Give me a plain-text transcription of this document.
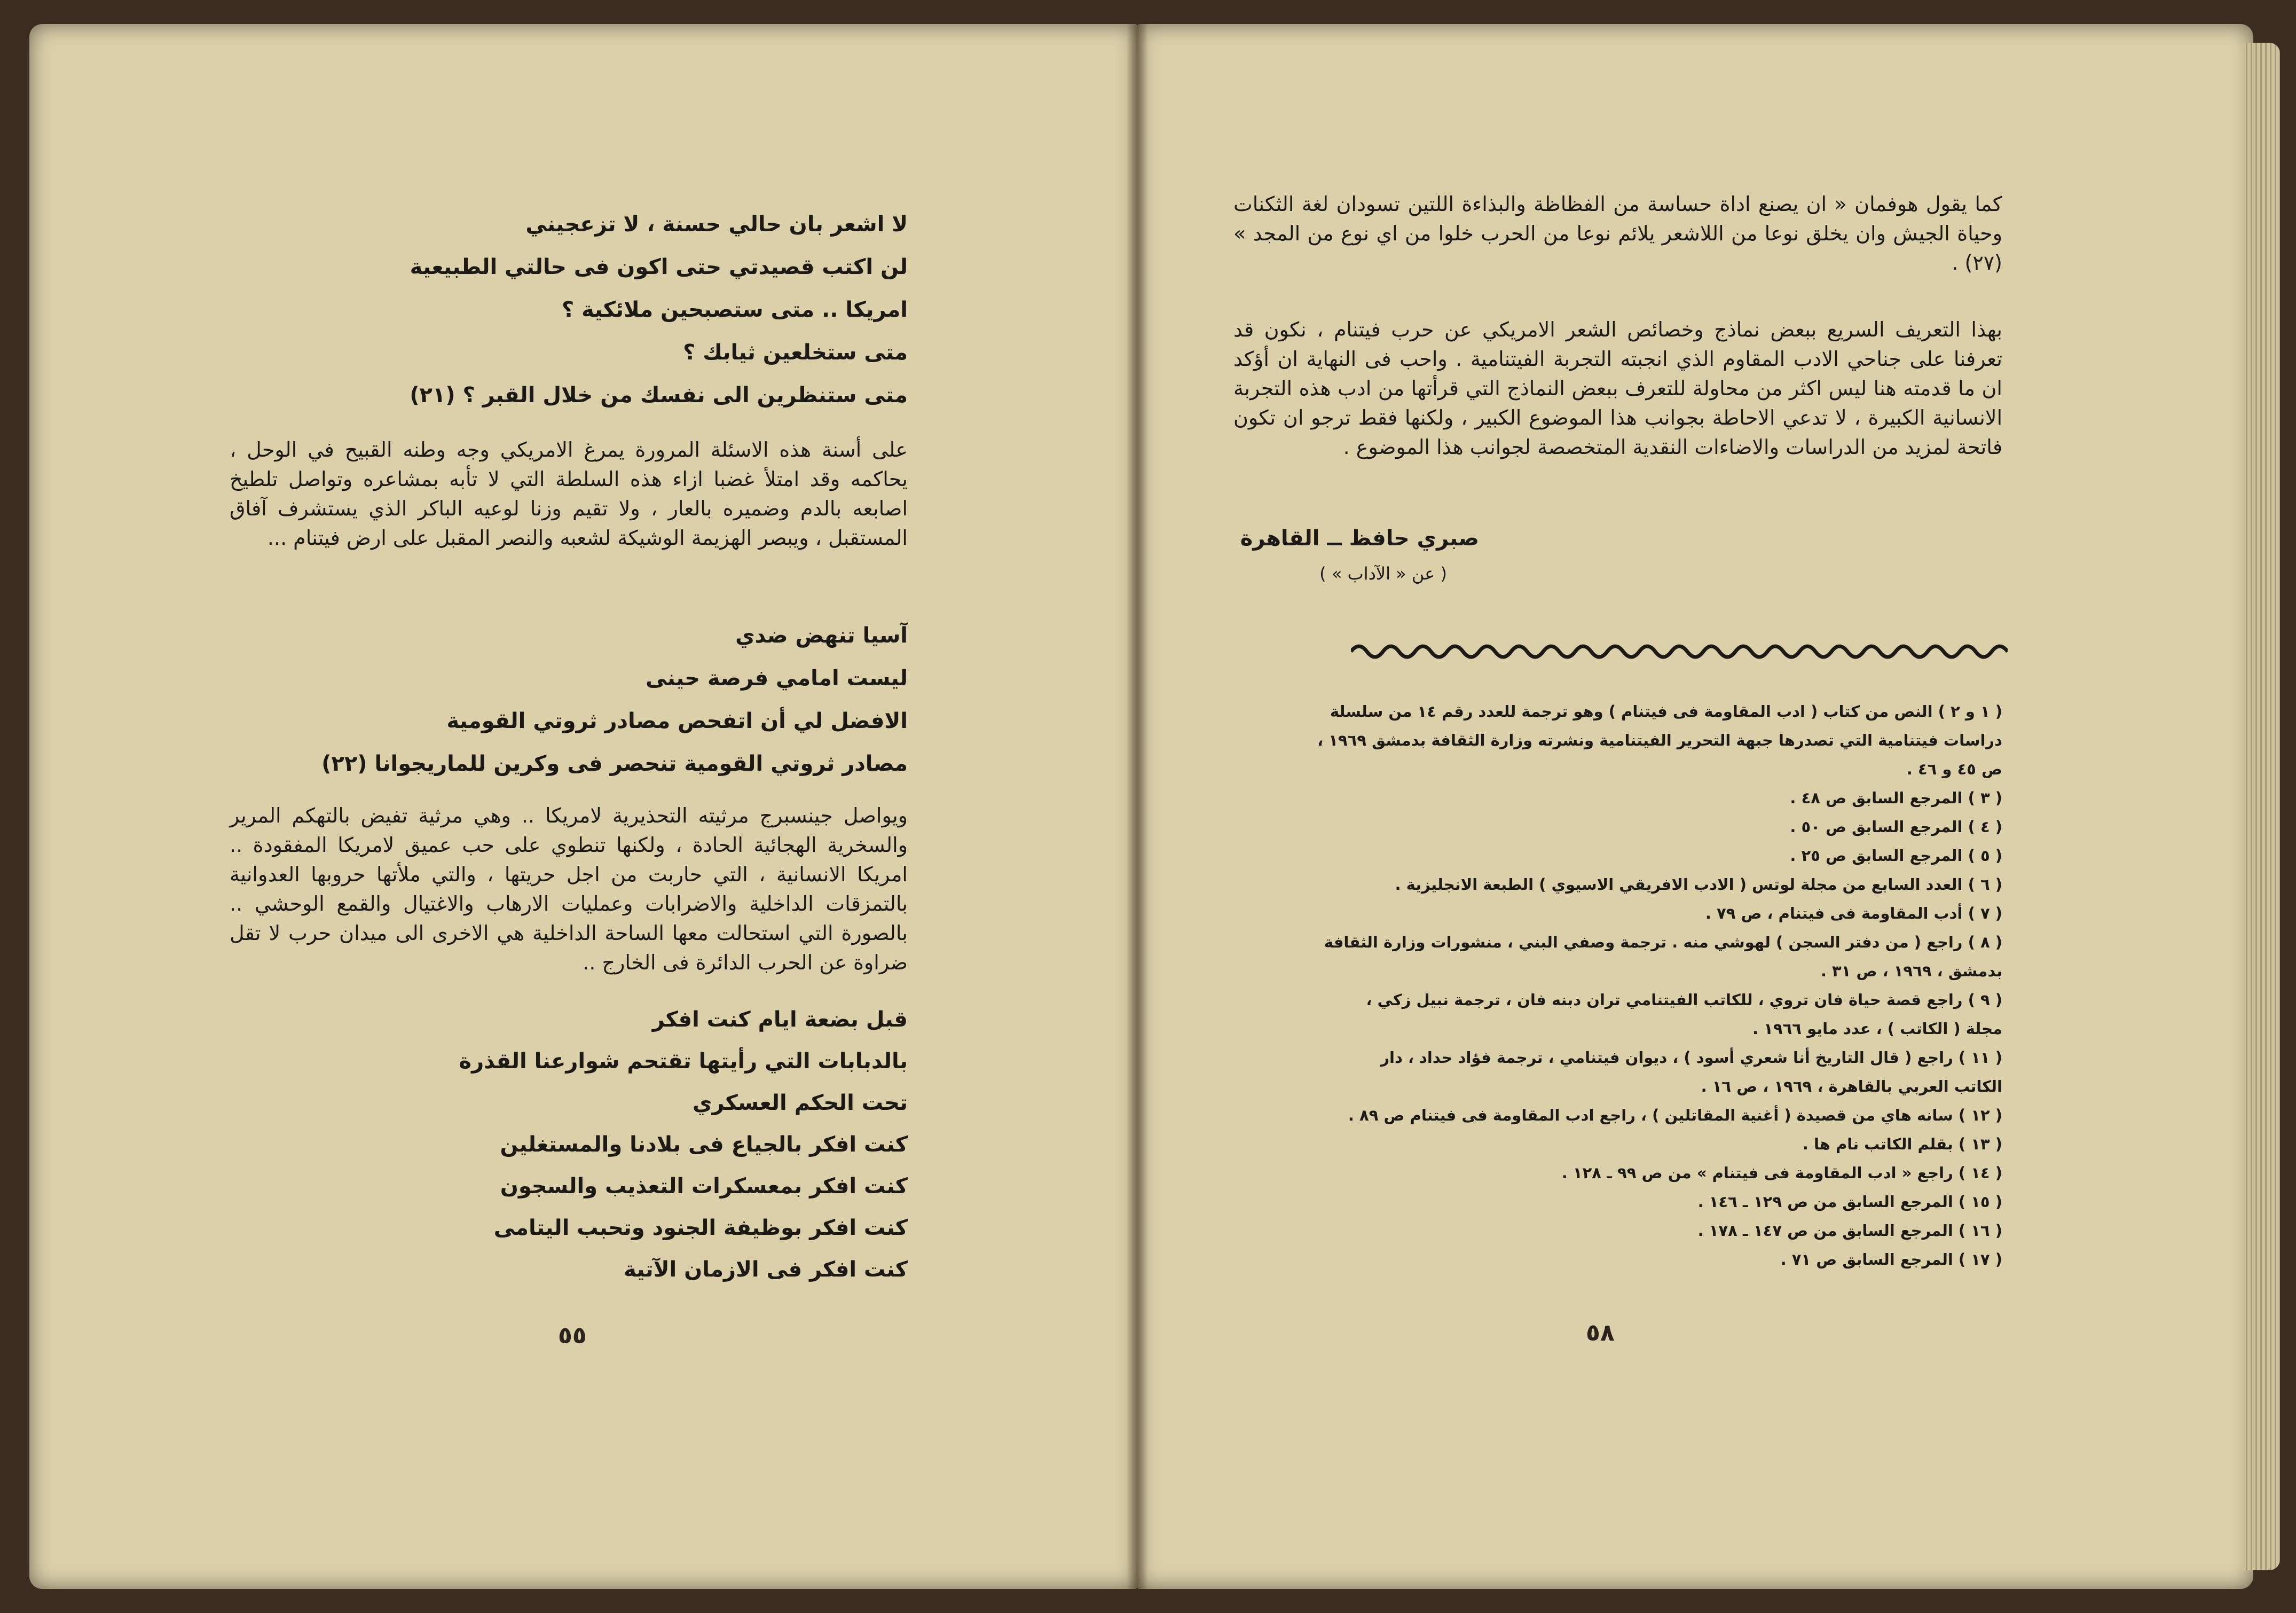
لا اشعر بان حالي حسنة ، لا تزعجيني
لن اكتب قصيدتي حتى اكون فى حالتي الطبيعية
امريكا .. متى ستصبحين ملائكية ؟
متى ستخلعين ثيابك ؟
متى ستنظرين الى نفسك من خلال القبر ؟ (٢١)
على أسنة هذه الاسئلة المرورة يمرغ الامريكي وجه وطنه القبيح في الوحل ، يحاكمه وقد امتلأ غضبا ازاء هذه السلطة التي لا تأبه بمشاعره وتواصل تلطيخ اصابعه بالدم وضميره بالعار ، ولا تقيم وزنا لوعيه الباكر الذي يستشرف آفاق المستقبل ، ويبصر الهزيمة الوشيكة لشعبه والنصر المقبل على ارض فيتنام ...
آسيا تنهض ضدي
ليست امامي فرصة حينى
الافضل لي أن اتفحص مصادر ثروتي القومية
مصادر ثروتي القومية تنحصر فى وكرين للماريجوانا (٢٢)
ويواصل جينسبرج مرثيته التحذيرية لامريكا .. وهي مرثية تفيض بالتهكم المرير والسخرية الهجائية الحادة ، ولكنها تنطوي على حب عميق لامريكا المفقودة .. امريكا الانسانية ، التي حاربت من اجل حريتها ، والتي ملأتها حروبها العدوانية بالتمزقات الداخلية والاضرابات وعمليات الارهاب والاغتيال والقمع الوحشي .. بالصورة التي استحالت معها الساحة الداخلية هي الاخرى الى ميدان حرب لا تقل ضراوة عن الحرب الدائرة فى الخارج ..
قبل بضعة ايام كنت افكر
بالدبابات التي رأيتها تقتحم شوارعنا القذرة
تحت الحكم العسكري
كنت افكر بالجياع فى بلادنا والمستغلين
كنت افكر بمعسكرات التعذيب والسجون
كنت افكر بوظيفة الجنود وتحبب اليتامى
كنت افكر فى الازمان الآتية
٥٥
كما يقول هوفمان « ان يصنع اداة حساسة من الفظاظة والبذاءة اللتين تسودان لغة الثكنات وحياة الجيش وان يخلق نوعا من اللاشعر يلائم نوعا من الحرب خلوا من اي نوع من المجد » (٢٧) .
بهذا التعريف السريع ببعض نماذج وخصائص الشعر الامريكي عن حرب فيتنام ، نكون قد تعرفنا على جناحي الادب المقاوم الذي انجبته التجربة الفيتنامية . واحب فى النهاية ان أؤكد ان ما قدمته هنا ليس اكثر من محاولة للتعرف ببعض النماذج التي قرأتها من ادب هذه التجربة الانسانية الكبيرة ، لا تدعي الاحاطة بجوانب هذا الموضوع الكبير ، ولكنها فقط ترجو ان تكون فاتحة لمزيد من الدراسات والاضاءات النقدية المتخصصة لجوانب هذا الموضوع .
صبري حافظ ــ القاهرة
( عن « الآداب » )
( ١ و ٢ ) النص من كتاب ( ادب المقاومة فى فيتنام ) وهو ترجمة للعدد رقم ١٤ من سلسلة
دراسات فيتنامية التي تصدرها جبهة التحرير الفيتنامية ونشرته وزارة الثقافة بدمشق ١٩٦٩ ،
ص ٤٥ و ٤٦ .
( ٣ ) المرجع السابق ص ٤٨ .
( ٤ ) المرجع السابق ص ٥٠ .
( ٥ ) المرجع السابق ص ٢٥ .
( ٦ ) العدد السابع من مجلة لوتس ( الادب الافريقي الاسيوي ) الطبعة الانجليزية .
( ٧ ) أدب المقاومة فى فيتنام ، ص ٧٩ .
( ٨ ) راجع ( من دفتر السجن ) لهوشي منه . ترجمة وصفي البني ، منشورات وزارة الثقافة
بدمشق ، ١٩٦٩ ، ص ٣١ .
( ٩ ) راجع قصة حياة فان تروي ، للكاتب الفيتنامي تران دبنه فان ، ترجمة نبيل زكي ،
مجلة ( الكاتب ) ، عدد مايو ١٩٦٦ .
( ١١ ) راجع ( قال التاريخ أنا شعري أسود ) ، ديوان فيتنامي ، ترجمة فؤاد حداد ، دار
الكاتب العربي بالقاهرة ، ١٩٦٩ ، ص ١٦ .
( ١٢ ) سانه هاي من قصيدة ( أغنية المقاتلين ) ، راجع ادب المقاومة فى فيتنام ص ٨٩ .
( ١٣ ) بقلم الكاتب نام ها .
( ١٤ ) راجع « ادب المقاومة فى فيتنام » من ص ٩٩ ـ ١٢٨ .
( ١٥ ) المرجع السابق من ص ١٢٩ ـ ١٤٦ .
( ١٦ ) المرجع السابق من ص ١٤٧ ـ ١٧٨ .
( ١٧ ) المرجع السابق ص ٧١ .
٥٨
